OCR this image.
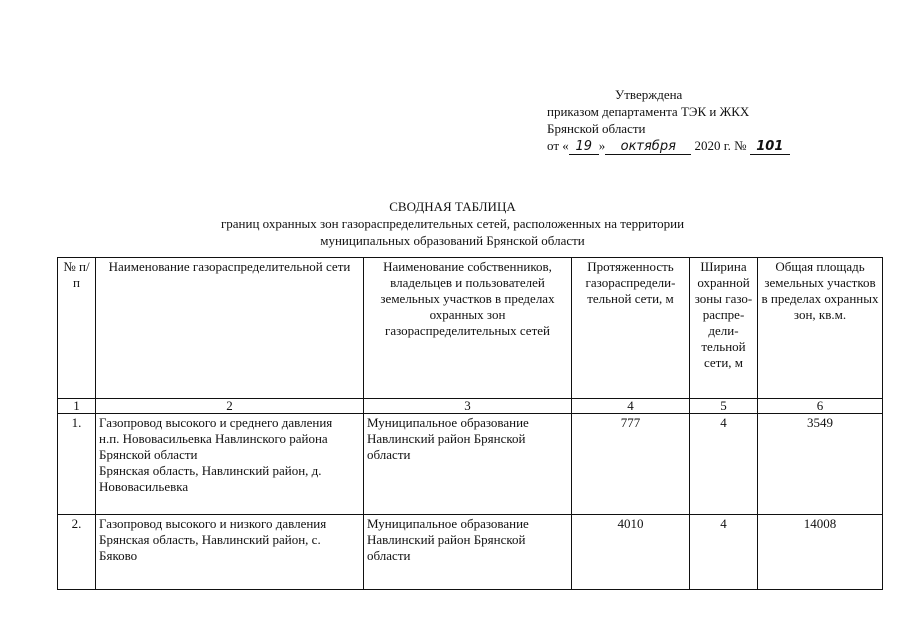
Утверждена
приказом департамента ТЭК и ЖКХ
Брянской области
от « 19 » октября 2020 г. № 101
СВОДНАЯ ТАБЛИЦА
границ охранных зон газораспределительных сетей, расположенных на территории
муниципальных образований Брянской области
№ п/п	Наименование газораспределительной сети	Наименование собственников, владельцев и пользователей земельных участков в пределах охранных зон газораспределительных сетей	Протяженность газораспредели-тельной сети, м	Ширина охранной зоны газо-распре-дели-тельной сети, м	Общая площадь земельных участков в пределах охранных зон, кв.м.
1	2	3	4	5	6
1.	Газопровод высокого и среднего давления
н.п. Нововасильевка Навлинского района Брянской области
Брянская область, Навлинский район, д. Нововасильевка	Муниципальное образование Навлинский район Брянской области	777	4	3549
2.	Газопровод высокого и низкого давления
Брянская область, Навлинский район, с. Бяково	Муниципальное образование Навлинский район Брянской области	4010	4	14008
